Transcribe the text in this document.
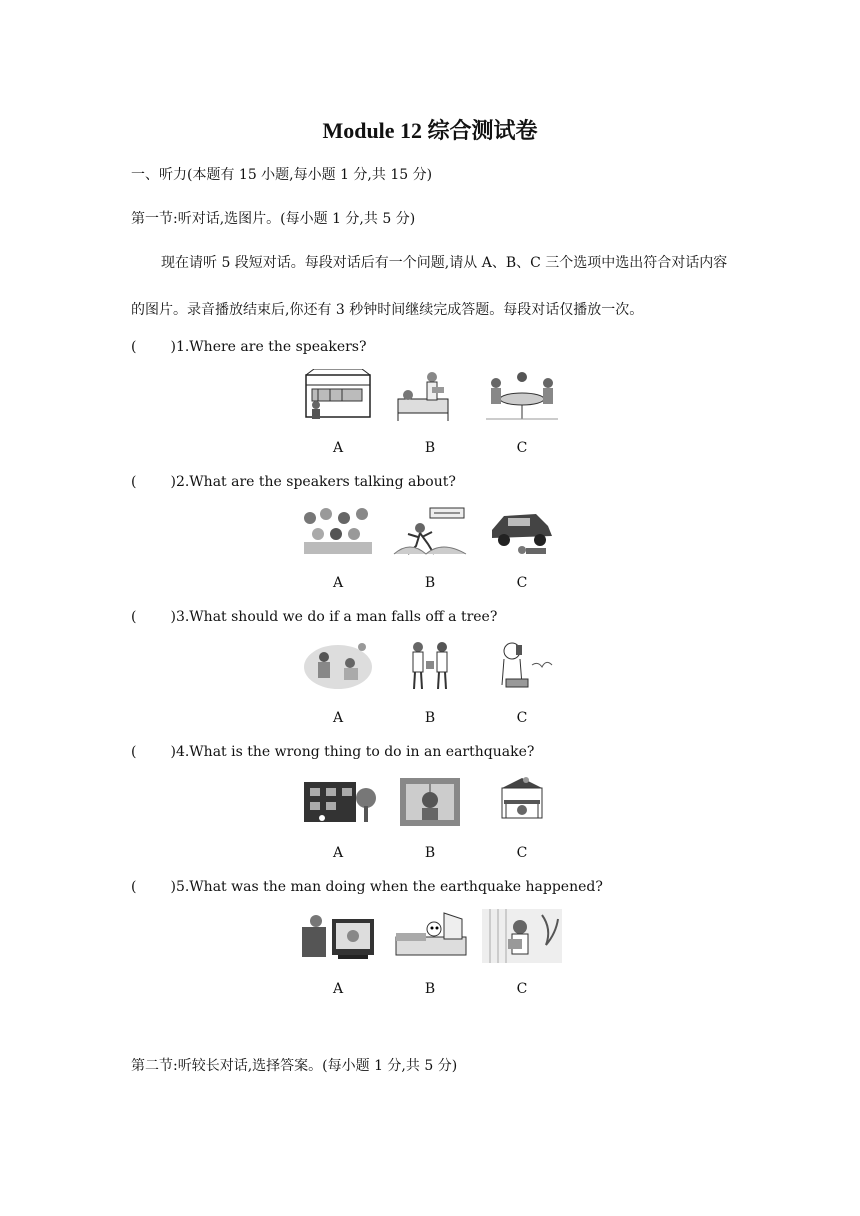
Module 12 综合测试卷
一、听力(本题有 15 小题,每小题 1 分,共 15 分)
第一节:听对话,选图片。(每小题 1 分,共 5 分)
现在请听 5 段短对话。每段对话后有一个问题,请从 A、B、C 三个选项中选出符合对话内容的图片。录音播放结束后,你还有 3 秒钟时间继续完成答题。每段对话仅播放一次。
( )1.Where are the speakers?
A	B	C
( )2.What are the speakers talking about?
A	B	C
( )3.What should we do if a man falls off a tree?
A	B	C
( )4.What is the wrong thing to do in an earthquake?
A	B	C
( )5.What was the man doing when the earthquake happened?
A	B	C
第二节:听较长对话,选择答案。(每小题 1 分,共 5 分)
